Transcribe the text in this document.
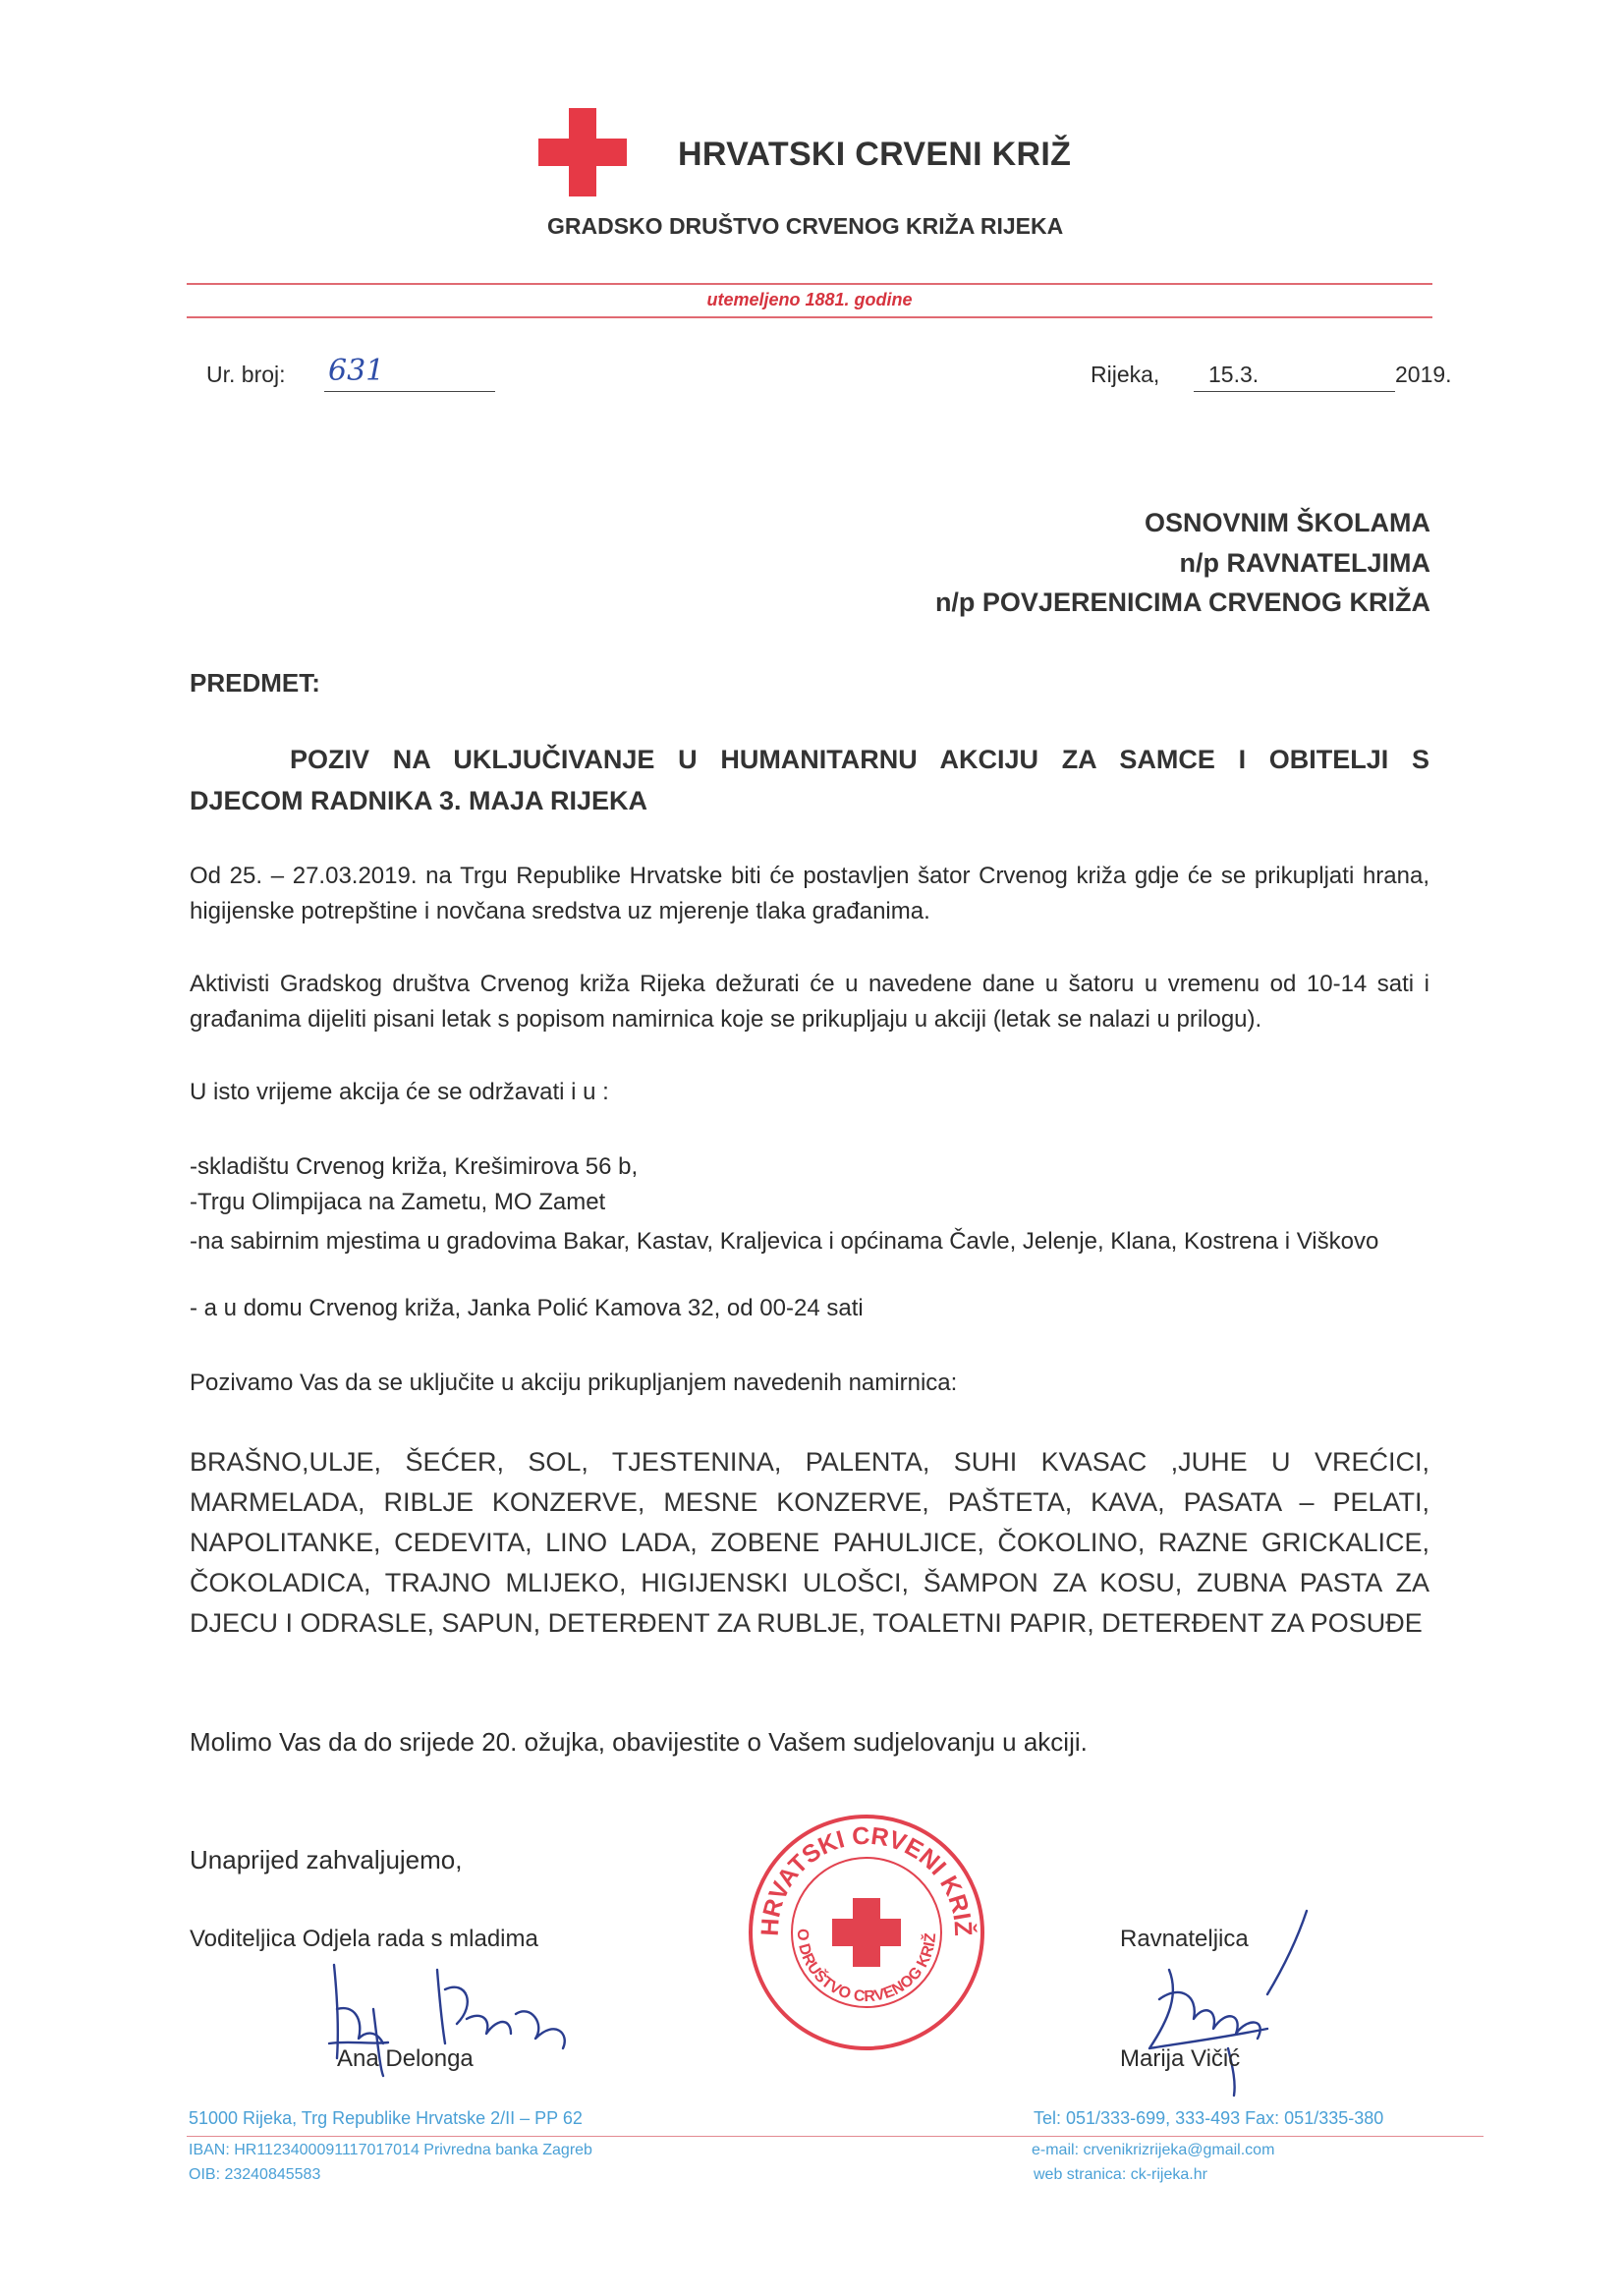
HRVATSKI CRVENI KRIŽ
GRADSKO DRUŠTVO CRVENOG KRIŽA RIJEKA
utemeljeno 1881. godine
Ur. broj: 631	Rijeka,	15.3.	2019.
OSNOVNIM ŠKOLAMA
n/p RAVNATELJIMA
n/p POVJERENICIMA CRVENOG KRIŽA
PREDMET:
POZIV NA UKLJUČIVANJE U HUMANITARNU AKCIJU ZA SAMCE I OBITELJI S
DJECOM RADNIKA 3. MAJA RIJEKA
Od 25. – 27.03.2019. na Trgu Republike Hrvatske biti će postavljen šator Crvenog križa gdje će se prikupljati hrana, higijenske potrepštine i novčana sredstva uz mjerenje tlaka građanima.
Aktivisti Gradskog društva Crvenog križa Rijeka dežurati će u navedene dane u šatoru u vremenu od 10-14 sati i građanima dijeliti pisani letak s popisom namirnica koje se prikupljaju u akciji (letak se nalazi u prilogu).
U isto vrijeme akcija će se održavati i u :
-skladištu Crvenog križa, Krešimirova 56 b,
-Trgu Olimpijaca na Zametu, MO Zamet
-na sabirnim mjestima u gradovima Bakar, Kastav, Kraljevica i općinama Čavle, Jelenje, Klana, Kostrena i Viškovo
- a u domu Crvenog križa, Janka Polić Kamova 32, od 00-24 sati
Pozivamo Vas da se uključite u akciju prikupljanjem navedenih namirnica:
BRAŠNO,ULJE, ŠEĆER, SOL, TJESTENINA, PALENTA, SUHI KVASAC ,JUHE U VREĆICI, MARMELADA, RIBLJE KONZERVE, MESNE KONZERVE, PAŠTETA, KAVA, PASATA – PELATI, NAPOLITANKE, CEDEVITA, LINO LADA, ZOBENE PAHULJICE, ČOKOLINO, RAZNE GRICKALICE, ČOKOLADICA, TRAJNO MLIJEKO, HIGIJENSKI ULOŠCI, ŠAMPON ZA KOSU, ZUBNA PASTA ZA DJECU I ODRASLE, SAPUN, DETERĐENT ZA RUBLJE, TOALETNI PAPIR, DETERĐENT ZA POSUĐE
Molimo Vas da do srijede 20. ožujka, obavijestite o Vašem sudjelovanju u akciji.
Unaprijed zahvaljujemo,
HRVATSKI CRVENI KRIŽ
O DRUŠTVO CRVENOG KRIŽ
Voditeljica Odjela rada s mladima
Ana Delonga
Ravnateljica
Marija Vičić
51000 Rijeka, Trg Republike Hrvatske 2/II – PP 62
IBAN: HR1123400091117017014 Privredna banka Zagreb
OIB: 23240845583
Tel: 051/333-699, 333-493 Fax: 051/335-380
e-mail: crvenikrizrijeka@gmail.com
web stranica: ck-rijeka.hr
